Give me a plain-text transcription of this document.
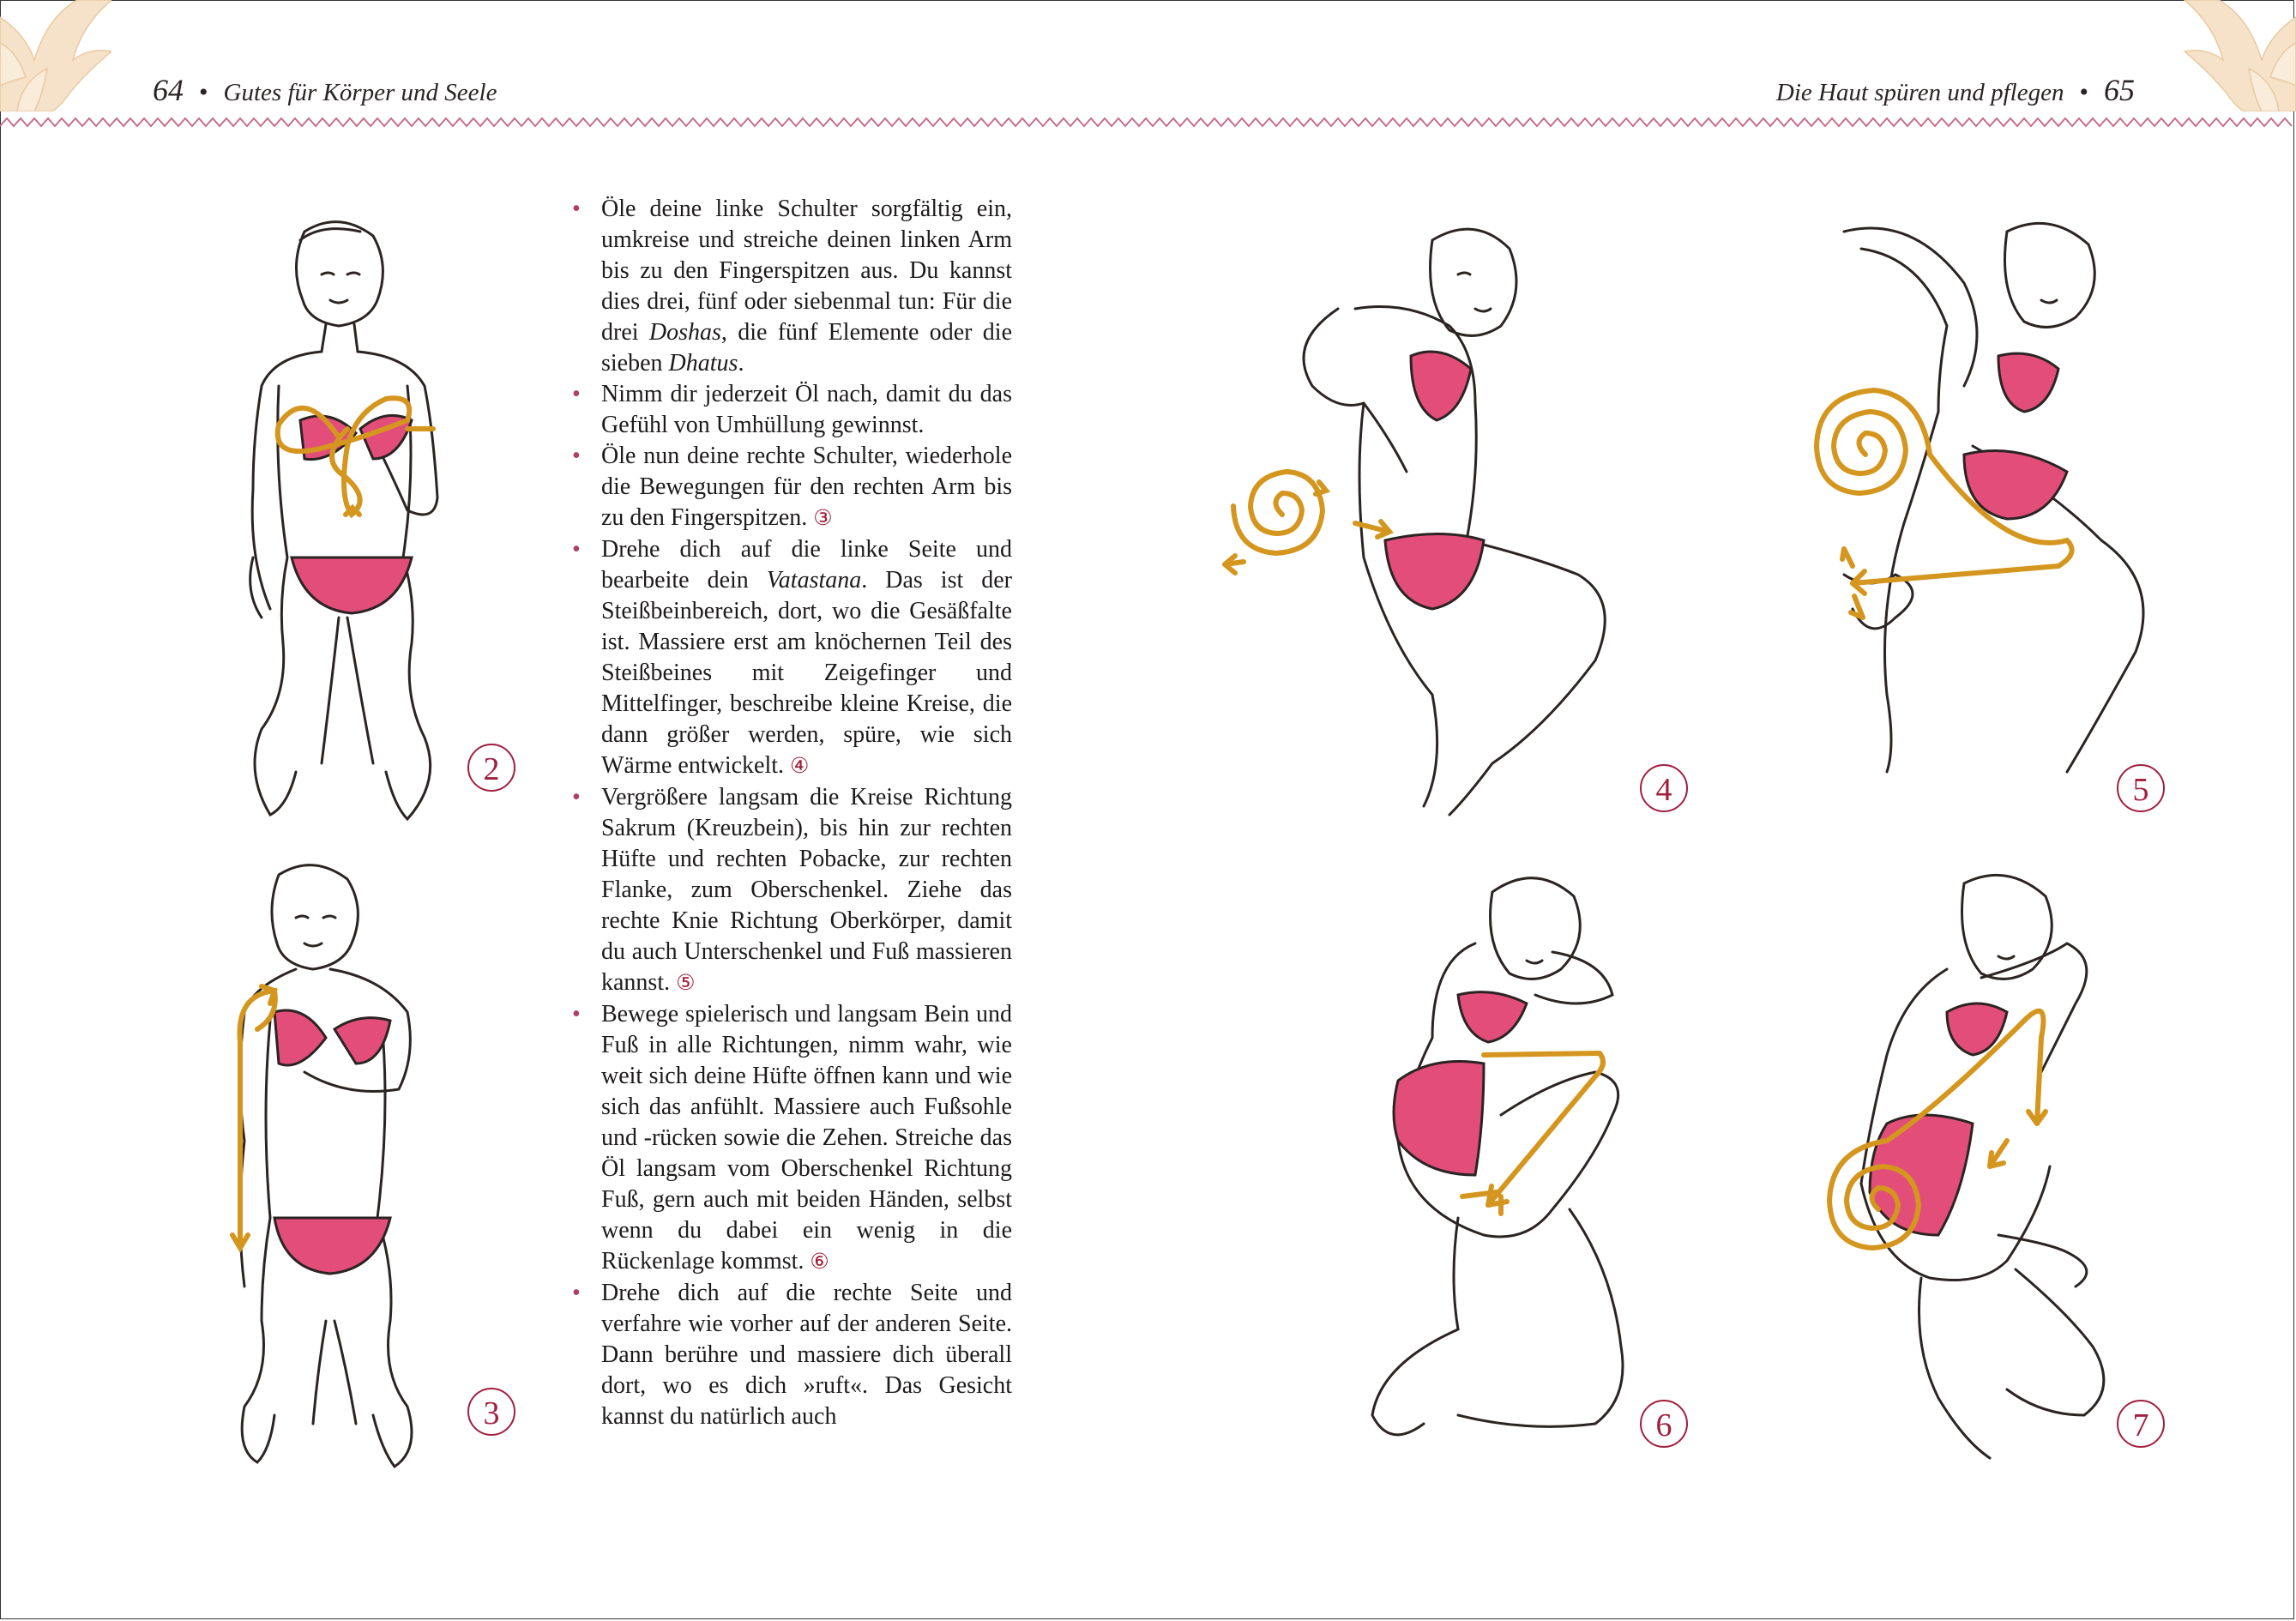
64 • Gutes für Körper und Seele	Die Haut spüren und pflegen • 65
• Öle deine linke Schulter sorgfältig ein, umkreise und streiche deinen linken Arm bis zu den Fingerspitzen aus. Du kannst dies drei, fünf oder siebenmal tun: Für die drei Doshas, die fünf Elemente oder die sieben Dhatus.
• Nimm dir jederzeit Öl nach, damit du das Gefühl von Umhüllung gewinnst.
• Öle nun deine rechte Schulter, wiederhole die Bewegungen für den rechten Arm bis zu den Fingerspitzen. ③
• Drehe dich auf die linke Seite und bearbeite dein Vatastana. Das ist der Steißbeinbereich, dort, wo die Gesäßfalte ist. Massiere erst am knöchernen Teil des Steißbeines mit Zeigefinger und Mittelfinger, beschreibe kleine Kreise, die dann größer werden, spüre, wie sich Wärme entwickelt. ④
• Vergrößere langsam die Kreise Richtung Sakrum (Kreuzbein), bis hin zur rechten Hüfte und rechten Pobacke, zur rechten Flanke, zum Oberschenkel. Ziehe das rechte Knie Richtung Oberkörper, damit du auch Unterschenkel und Fuß massieren kannst. ⑤
• Bewege spielerisch und langsam Bein und Fuß in alle Richtungen, nimm wahr, wie weit sich deine Hüfte öffnen kann und wie sich das anfühlt. Massiere auch Fußsohle und -rücken sowie die Zehen. Streiche das Öl langsam vom Oberschenkel Richtung Fuß, gern auch mit beiden Händen, selbst wenn du dabei ein wenig in die Rückenlage kommst. ⑥
• Drehe dich auf die rechte Seite und verfahre wie vorher auf der anderen Seite. Dann berühre und massiere dich überall dort, wo es dich »ruft«. Das Gesicht kannst du natürlich auch
2
3
4	5
6	7
